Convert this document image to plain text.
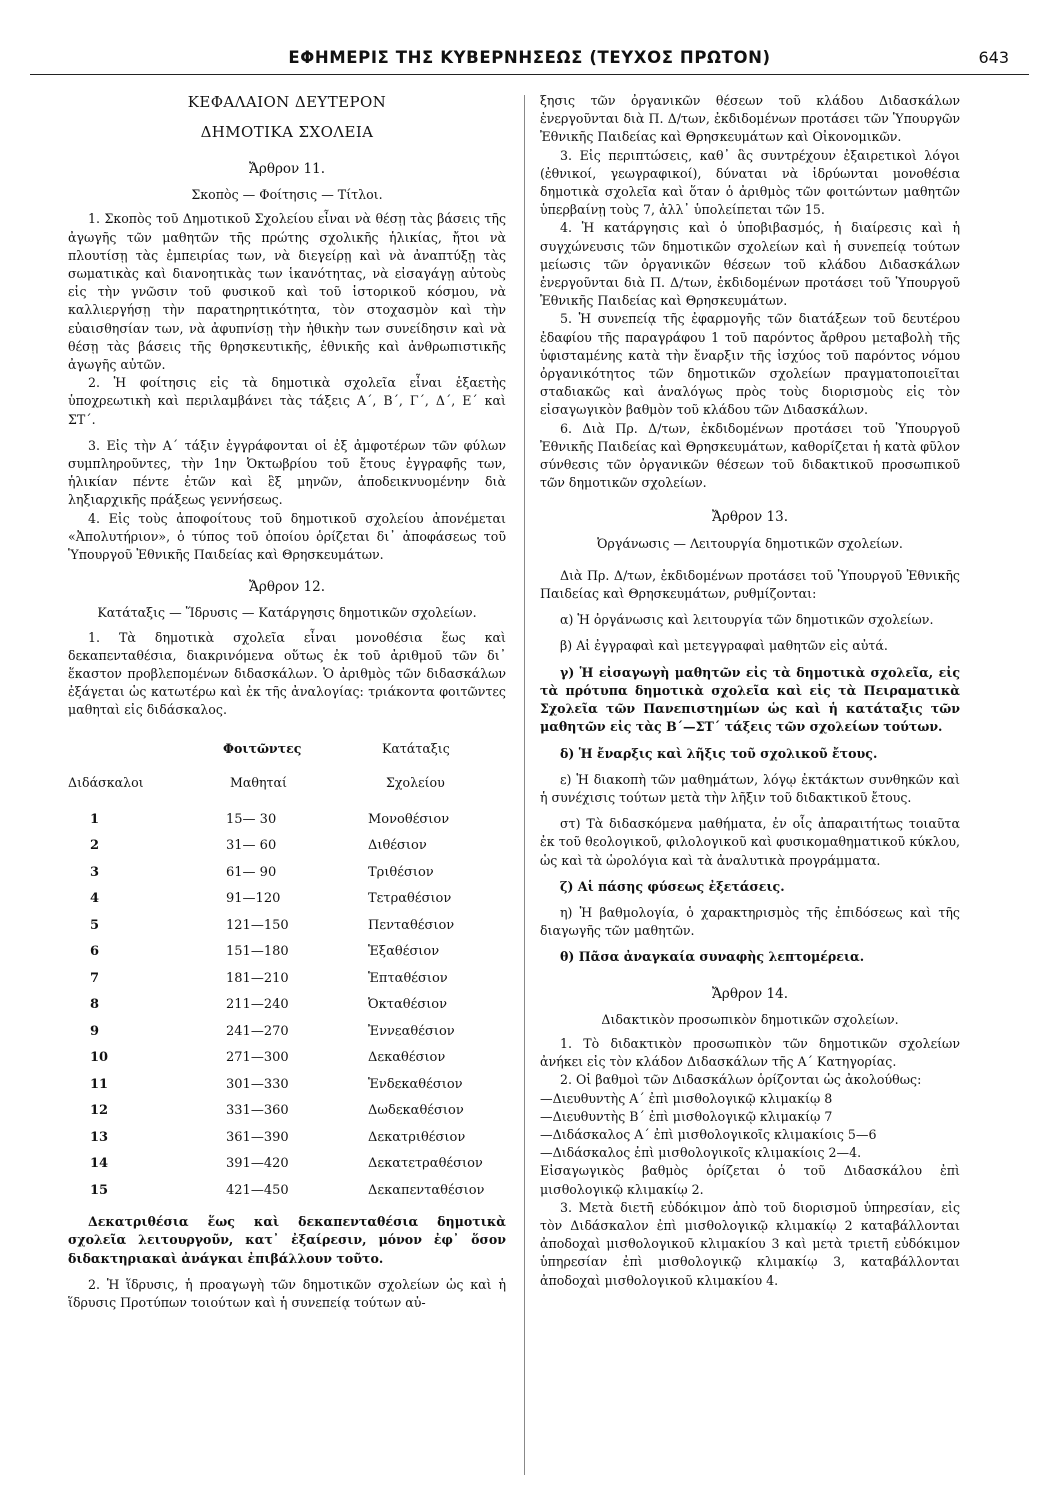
ΕΦΗΜΕΡΙΣ ΤΗΣ ΚΥΒΕΡΝΗΣΕΩΣ (ΤΕΥΧΟΣ ΠΡΩΤΟΝ)	643
ΚΕΦΑΛΑΙΟΝ ΔΕΥΤΕΡΟΝ
ΔΗΜΟΤΙΚΑ ΣΧΟΛΕΙΑ
Ἄρθρον 11.
Σκοπὸς — Φοίτησις — Τίτλοι.

1. Σκοπὸς τοῦ Δημοτικοῦ Σχολείου εἶναι νὰ θέσῃ τὰς βάσεις τῆς ἀγωγῆς τῶν μαθητῶν τῆς πρώτης σχολικῆς ἡλικίας, ἤτοι νὰ πλουτίσῃ τὰς ἐμπειρίας των, νὰ διεγείρῃ καὶ νὰ ἀναπτύξῃ τὰς σωματικὰς καὶ διανοητικὰς των ἱκανότητας, νὰ εἰσαγάγῃ αὐτοὺς εἰς τὴν γνῶσιν τοῦ φυσικοῦ καὶ τοῦ ἱστορικοῦ κόσμου, νὰ καλλιεργήσῃ τὴν παρατηρητικότητα, τὸν στοχασμὸν καὶ τὴν εὐαισθησίαν των, νὰ ἀφυπνίσῃ τὴν ἠθικὴν των συνείδησιν καὶ νὰ θέσῃ τὰς βάσεις τῆς θρησκευτικῆς, ἐθνικῆς καὶ ἀνθρωπιστικῆς ἀγωγῆς αὐτῶν.

2. Ἡ φοίτησις εἰς τὰ δημοτικὰ σχολεῖα εἶναι ἑξαετὴς ὑποχρεωτικὴ καὶ περιλαμβάνει τὰς τάξεις Α΄, Β΄, Γ΄, Δ΄, Ε΄ καὶ ΣΤ΄.

3. Εἰς τὴν Α΄ τάξιν ἐγγράφονται οἱ ἐξ ἀμφοτέρων τῶν φύλων συμπληροῦντες, τὴν 1ην Ὀκτωβρίου τοῦ ἔτους ἐγγραφῆς των, ἡλικίαν πέντε ἐτῶν καὶ ἓξ μηνῶν, ἀποδεικνυομένην διὰ ληξιαρχικῆς πράξεως γεννήσεως.

4. Εἰς τοὺς ἀποφοίτους τοῦ δημοτικοῦ σχολείου ἀπονέμεται «Ἀπολυτήριον», ὁ τύπος τοῦ ὁποίου ὁρίζεται δι᾽ ἀποφάσεως τοῦ Ὑπουργοῦ Ἐθνικῆς Παιδείας καὶ Θρησκευμάτων.

Ἄρθρον 12.
Κατάταξις — Ἵδρυσις — Κατάργησις δημοτικῶν σχολείων.

1. Τὰ δημοτικὰ σχολεῖα εἶναι μονοθέσια ἕως καὶ δεκαπενταθέσια, διακρινόμενα οὕτως ἐκ τοῦ ἀριθμοῦ τῶν δι᾽ ἕκαστον προβλεπομένων διδασκάλων. Ὁ ἀριθμὸς τῶν διδασκάλων ἐξάγεται ὡς κατωτέρω καὶ ἐκ τῆς ἀναλογίας: τριάκοντα φοιτῶντες μαθηταὶ εἰς διδάσκαλος.

Φοιτῶντες	Κατάταξις
Διδάσκαλοι	Μαθηταί	Σχολείου
1	15— 30	Μονοθέσιον
2	31— 60	Διθέσιον
3	61— 90	Τριθέσιον
4	91—120	Τετραθέσιον
5	121—150	Πενταθέσιον
6	151—180	Ἑξαθέσιον
7	181—210	Ἑπταθέσιον
8	211—240	Ὀκταθέσιον
9	241—270	Ἐννεαθέσιον
10	271—300	Δεκαθέσιον
11	301—330	Ἑνδεκαθέσιον
12	331—360	Δωδεκαθέσιον
13	361—390	Δεκατριθέσιον
14	391—420	Δεκατετραθέσιον
15	421—450	Δεκαπενταθέσιον

Δεκατριθέσια ἕως καὶ δεκαπενταθέσια δημοτικὰ σχολεῖα λειτουργοῦν, κατ᾽ ἐξαίρεσιν, μόνον ἐφ᾽ ὅσον διδακτηριακαὶ ἀνάγκαι ἐπιβάλλουν τοῦτο.

2. Ἡ ἵδρυσις, ἡ προαγωγὴ τῶν δημοτικῶν σχολείων ὡς καὶ ἡ ἵδρυσις Προτύπων τοιούτων καὶ ἡ συνεπείᾳ τούτων αὐ-

ξησις τῶν ὀργανικῶν θέσεων τοῦ κλάδου Διδασκάλων ἐνεργοῦνται διὰ Π. Δ/των, ἐκδιδομένων προτάσει τῶν Ὑπουργῶν Ἐθνικῆς Παιδείας καὶ Θρησκευμάτων καὶ Οἰκονομικῶν.

3. Εἰς περιπτώσεις, καθ᾽ ἃς συντρέχουν ἐξαιρετικοὶ λόγοι (ἐθνικοί, γεωγραφικοί), δύναται νὰ ἱδρύωνται μονοθέσια δημοτικὰ σχολεῖα καὶ ὅταν ὁ ἀριθμὸς τῶν φοιτώντων μαθητῶν ὑπερβαίνῃ τοὺς 7, ἀλλ᾽ ὑπολείπεται τῶν 15.

4. Ἡ κατάργησις καὶ ὁ ὑποβιβασμός, ἡ διαίρεσις καὶ ἡ συγχώνευσις τῶν δημοτικῶν σχολείων καὶ ἡ συνεπείᾳ τούτων μείωσις τῶν ὀργανικῶν θέσεων τοῦ κλάδου Διδασκάλων ἐνεργοῦνται διὰ Π. Δ/των, ἐκδιδομένων προτάσει τοῦ Ὑπουργοῦ Ἐθνικῆς Παιδείας καὶ Θρησκευμάτων.

5. Ἡ συνεπείᾳ τῆς ἐφαρμογῆς τῶν διατάξεων τοῦ δευτέρου ἐδαφίου τῆς παραγράφου 1 τοῦ παρόντος ἄρθρου μεταβολὴ τῆς ὑφισταμένης κατὰ τὴν ἔναρξιν τῆς ἰσχύος τοῦ παρόντος νόμου ὀργανικότητος τῶν δημοτικῶν σχολείων πραγματοποιεῖται σταδιακῶς καὶ ἀναλόγως πρὸς τοὺς διορισμοὺς εἰς τὸν εἰσαγωγικὸν βαθμὸν τοῦ κλάδου τῶν Διδασκάλων.

6. Διὰ Πρ. Δ/των, ἐκδιδομένων προτάσει τοῦ Ὑπουργοῦ Ἐθνικῆς Παιδείας καὶ Θρησκευμάτων, καθορίζεται ἡ κατὰ φῦλον σύνθεσις τῶν ὀργανικῶν θέσεων τοῦ διδακτικοῦ προσωπικοῦ τῶν δημοτικῶν σχολείων.

Ἄρθρον 13.
Ὀργάνωσις — Λειτουργία δημοτικῶν σχολείων.

Διὰ Πρ. Δ/των, ἐκδιδομένων προτάσει τοῦ Ὑπουργοῦ Ἐθνικῆς Παιδείας καὶ Θρησκευμάτων, ρυθμίζονται:

α) Ἡ ὀργάνωσις καὶ λειτουργία τῶν δημοτικῶν σχολείων.

β) Αἱ ἐγγραφαὶ καὶ μετεγγραφαὶ μαθητῶν εἰς αὐτά.

γ) Ἡ εἰσαγωγὴ μαθητῶν εἰς τὰ δημοτικὰ σχολεῖα, εἰς τὰ πρότυπα δημοτικὰ σχολεῖα καὶ εἰς τὰ Πειραματικὰ Σχολεῖα τῶν Πανεπιστημίων ὡς καὶ ἡ κατάταξις τῶν μαθητῶν εἰς τὰς Β΄—ΣΤ΄ τάξεις τῶν σχολείων τούτων.

δ) Ἡ ἔναρξις καὶ λῆξις τοῦ σχολικοῦ ἔτους.

ε) Ἡ διακοπὴ τῶν μαθημάτων, λόγῳ ἐκτάκτων συνθηκῶν καὶ ἡ συνέχισις τούτων μετὰ τὴν λῆξιν τοῦ διδακτικοῦ ἔτους.

στ) Τὰ διδασκόμενα μαθήματα, ἐν οἷς ἀπαραιτήτως τοιαῦτα ἐκ τοῦ θεολογικοῦ, φιλολογικοῦ καὶ φυσικομαθηματικοῦ κύκλου, ὡς καὶ τὰ ὡρολόγια καὶ τὰ ἀναλυτικὰ προγράμματα.

ζ) Αἱ πάσης φύσεως ἐξετάσεις.

η) Ἡ βαθμολογία, ὁ χαρακτηρισμὸς τῆς ἐπιδόσεως καὶ τῆς διαγωγῆς τῶν μαθητῶν.

θ) Πᾶσα ἀναγκαία συναφὴς λεπτομέρεια.

Ἄρθρον 14.
Διδακτικὸν προσωπικὸν δημοτικῶν σχολείων.

1. Τὸ διδακτικὸν προσωπικὸν τῶν δημοτικῶν σχολείων ἀνήκει εἰς τὸν κλάδον Διδασκάλων τῆς Α΄ Κατηγορίας.

2. Οἱ βαθμοὶ τῶν Διδασκάλων ὁρίζονται ὡς ἀκολούθως:

—Διευθυντὴς Α΄ ἐπὶ μισθολογικῷ κλιμακίῳ 8

—Διευθυντὴς Β΄ ἐπὶ μισθολογικῷ κλιμακίῳ 7

—Διδάσκαλος Α΄ ἐπὶ μισθολογικοῖς κλιμακίοις 5—6

—Διδάσκαλος ἐπὶ μισθολογικοῖς κλιμακίοις 2—4.

Εἰσαγωγικὸς βαθμὸς ὁρίζεται ὁ τοῦ Διδασκάλου ἐπὶ μισθολογικῷ κλιμακίῳ 2.

3. Μετὰ διετῆ εὐδόκιμον ἀπὸ τοῦ διορισμοῦ ὑπηρεσίαν, εἰς τὸν Διδάσκαλον ἐπὶ μισθολογικῷ κλιμακίῳ 2 καταβάλλονται ἀποδοχαὶ μισθολογικοῦ κλιμακίου 3 καὶ μετὰ τριετῆ εὐδόκιμον ὑπηρεσίαν ἐπὶ μισθολογικῷ κλιμακίῳ 3, καταβάλλονται ἀποδοχαὶ μισθολογικοῦ κλιμακίου 4.
